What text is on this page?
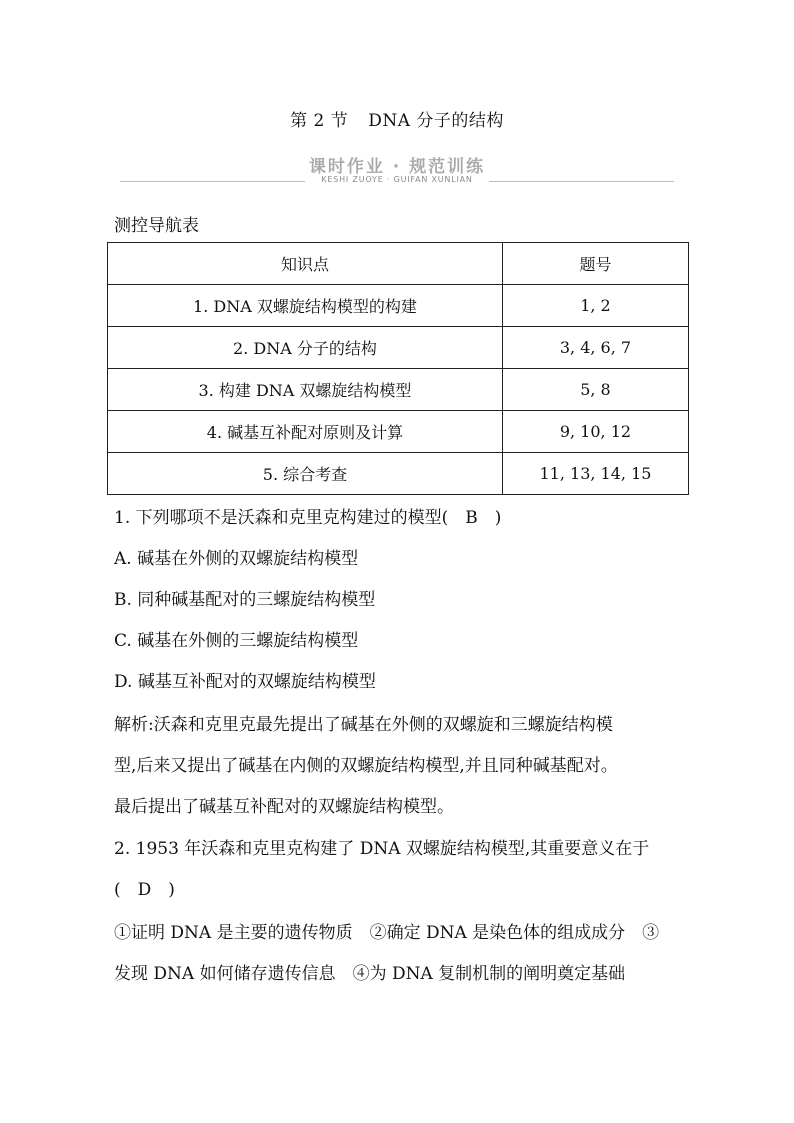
第 2 节 DNA 分子的结构
课时作业 · 规范训练
KESHI ZUOYE · GUIFAN XUNLIAN
测控导航表
知识点	题号
1. DNA 双螺旋结构模型的构建	1, 2
2. DNA 分子的结构	3, 4, 6, 7
3. 构建 DNA 双螺旋结构模型	5, 8
4. 碱基互补配对原则及计算	9, 10, 12
5. 综合考查	11, 13, 14, 15
1. 下列哪项不是沃森和克里克构建过的模型(　B　)
A. 碱基在外侧的双螺旋结构模型
B. 同种碱基配对的三螺旋结构模型
C. 碱基在外侧的三螺旋结构模型
D. 碱基互补配对的双螺旋结构模型
解析:沃森和克里克最先提出了碱基在外侧的双螺旋和三螺旋结构模
型,后来又提出了碱基在内侧的双螺旋结构模型,并且同种碱基配对。
最后提出了碱基互补配对的双螺旋结构模型。
2. 1953 年沃森和克里克构建了 DNA 双螺旋结构模型,其重要意义在于
(　D　)
①证明 DNA 是主要的遗传物质　②确定 DNA 是染色体的组成成分　③
发现 DNA 如何储存遗传信息　④为 DNA 复制机制的阐明奠定基础
